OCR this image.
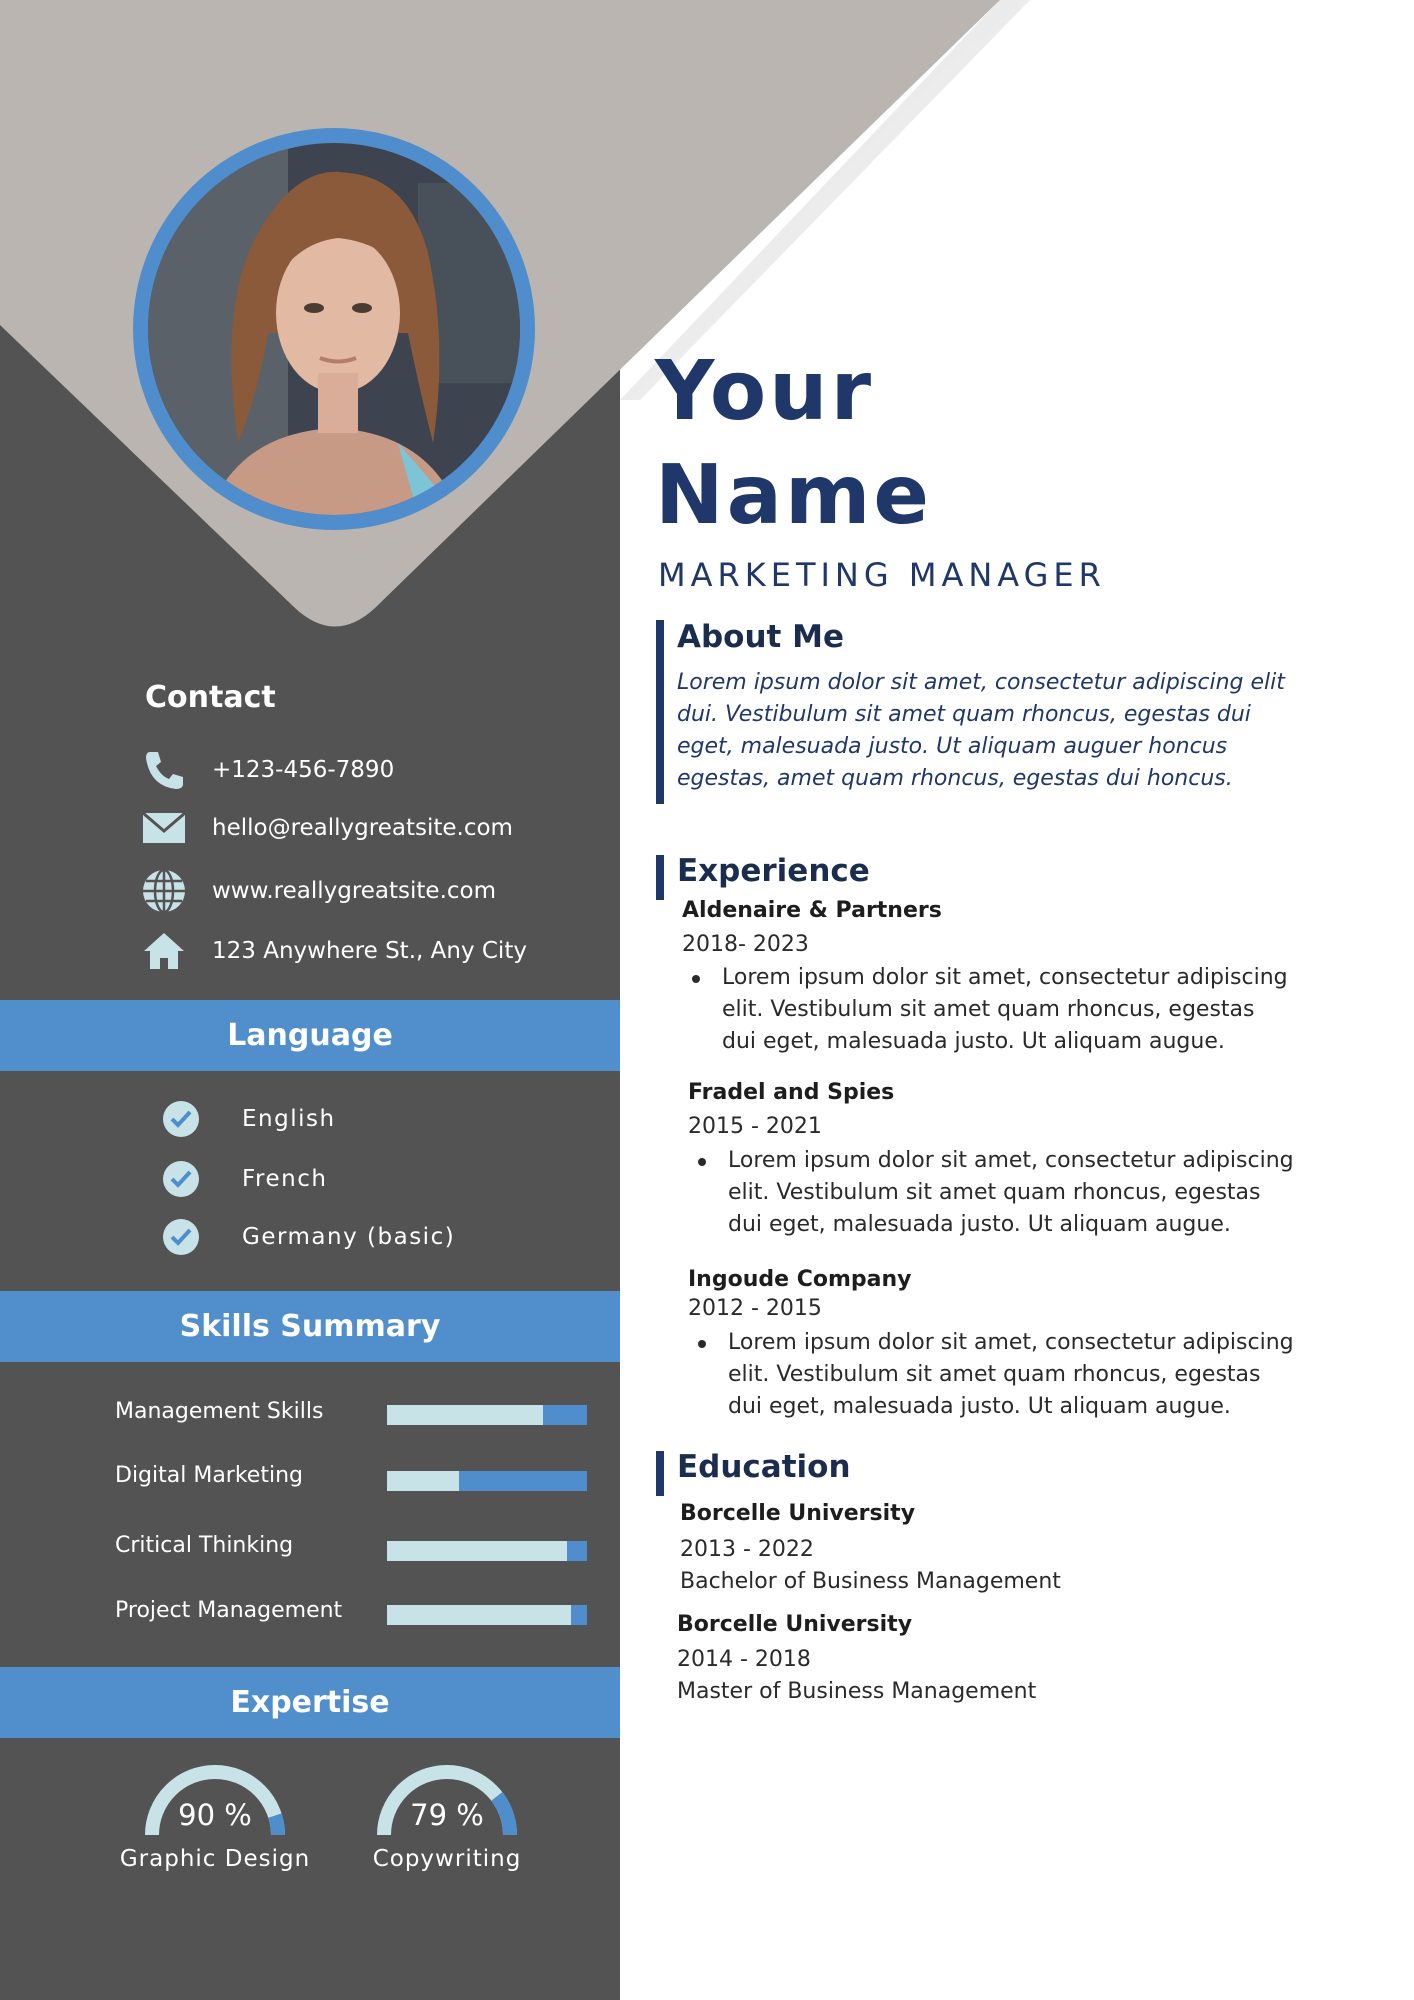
Contact
+123-456-7890
hello@reallygreatsite.com
www.reallygreatsite.com
123 Anywhere St., Any City
Language
English
French
Germany (basic)
Skills Summary
Management Skills
Digital Marketing
Critical Thinking
Project Management
Expertise
90 %
Graphic Design
79 %
Copywriting
Your
Name
MARKETING MANAGER
About Me

Lorem ipsum dolor sit amet, consectetur adipiscing elit dui. Vestibulum sit amet quam rhoncus, egestas dui eget, malesuada justo. Ut aliquam auguer honcus egestas, amet quam rhoncus, egestas dui honcus.

Experience
Aldenaire & Partners
2018- 2023

Lorem ipsum dolor sit amet, consectetur adipiscing elit. Vestibulum sit amet quam rhoncus, egestas dui eget, malesuada justo. Ut aliquam augue.

Fradel and Spies
2015 - 2021

Lorem ipsum dolor sit amet, consectetur adipiscing elit. Vestibulum sit amet quam rhoncus, egestas dui eget, malesuada justo. Ut aliquam augue.

Ingoude Company
2012 - 2015

Lorem ipsum dolor sit amet, consectetur adipiscing elit. Vestibulum sit amet quam rhoncus, egestas dui eget, malesuada justo. Ut aliquam augue.

Education
Borcelle University
2013 - 2022
Bachelor of Business Management
Borcelle University
2014 - 2018
Master of Business Management
